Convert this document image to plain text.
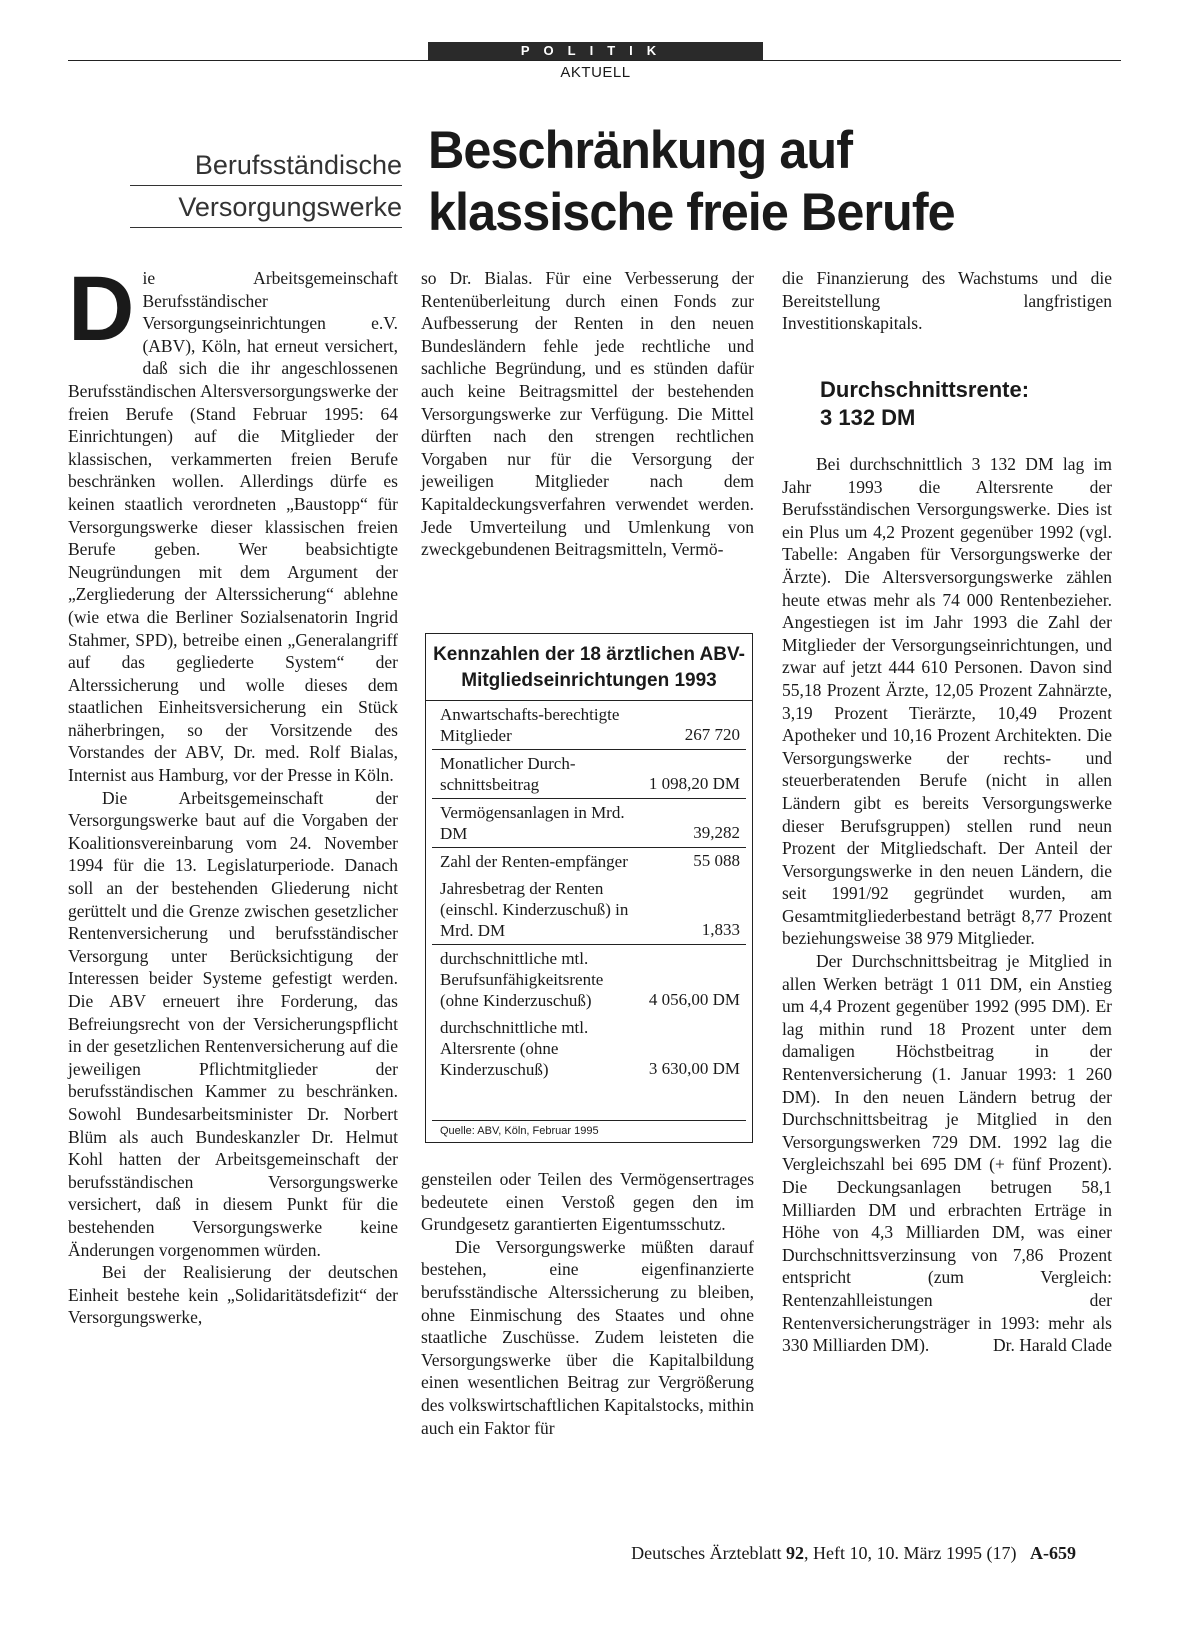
POLITIK
AKTUELL
Berufsständische
Versorgungswerke
Beschränkung auf
klassische freie Berufe

D ie Arbeitsgemeinschaft Berufsständischer Versorgungseinrichtungen e.V. (ABV), Köln, hat erneut versichert, daß sich die ihr angeschlossenen Berufsständischen Altersversorgungswerke der freien Berufe (Stand Februar 1995: 64 Einrichtungen) auf die Mitglieder der klassischen, verkammerten freien Berufe beschränken wollen. Allerdings dürfe es keinen staatlich verordneten „Baustopp“ für Versorgungswerke dieser klassischen freien Berufe geben. Wer beabsichtigte Neugründungen mit dem Argument der „Zergliederung der Alterssicherung“ ablehne (wie etwa die Berliner Sozialsenatorin Ingrid Stahmer, SPD), betreibe einen „Generalangriff auf das gegliederte System“ der Alterssicherung und wolle dieses dem staatlichen Einheitsversicherung ein Stück näherbringen, so der Vorsitzende des Vorstandes der ABV, Dr. med. Rolf Bialas, Internist aus Hamburg, vor der Presse in Köln.

Die Arbeitsgemeinschaft der Versorgungswerke baut auf die Vorgaben der Koalitionsvereinbarung vom 24. November 1994 für die 13. Legislaturperiode. Danach soll an der bestehenden Gliederung nicht gerüttelt und die Grenze zwischen gesetzlicher Rentenversicherung und berufsständischer Versorgung unter Berücksichtigung der Interessen beider Systeme gefestigt werden. Die ABV erneuert ihre Forderung, das Befreiungsrecht von der Versicherungspflicht in der gesetzlichen Rentenversicherung auf die jeweiligen Pflichtmitglieder der berufsständischen Kammer zu beschränken. Sowohl Bundesarbeitsminister Dr. Norbert Blüm als auch Bundeskanzler Dr. Helmut Kohl hatten der Arbeitsgemeinschaft der berufsständischen Versorgungswerke versichert, daß in diesem Punkt für die bestehenden Versorgungswerke keine Änderungen vorgenommen würden.

Bei der Realisierung der deutschen Einheit bestehe kein „Solidaritätsdefizit“ der Versorgungswerke,

so Dr. Bialas. Für eine Verbesserung der Rentenüberleitung durch einen Fonds zur Aufbesserung der Renten in den neuen Bundesländern fehle jede rechtliche und sachliche Begründung, und es stünden dafür auch keine Beitragsmittel der bestehenden Versorgungswerke zur Verfügung. Die Mittel dürften nach den strengen rechtlichen Vorgaben nur für die Versorgung der jeweiligen Mitglieder nach dem Kapitaldeckungsverfahren verwendet werden. Jede Umverteilung und Umlenkung von zweckgebundenen Beitragsmitteln, Vermö-

Kennzahlen der 18 ärztlichen ABV-Mitgliedseinrichtungen 1993
Anwartschafts-berechtigte Mitglieder	267 720
Monatlicher Durch-schnittsbeitrag	1 098,20 DM
Vermögensanlagen in Mrd. DM	39,282
Zahl der Renten-empfänger	55 088
Jahresbetrag der Renten (einschl. Kinderzuschuß) in Mrd. DM	1,833
durchschnittliche mtl. Berufsunfähigkeitsrente (ohne Kinderzuschuß)	4 056,00 DM
durchschnittliche mtl. Altersrente (ohne Kinderzuschuß)	3 630,00 DM
Quelle: ABV, Köln, Februar 1995

gensteilen oder Teilen des Vermögensertrages bedeutete einen Verstoß gegen den im Grundgesetz garantierten Eigentumsschutz.

Die Versorgungswerke müßten darauf bestehen, eine eigenfinanzierte berufsständische Alterssicherung zu bleiben, ohne Einmischung des Staates und ohne staatliche Zuschüsse. Zudem leisteten die Versorgungswerke über die Kapitalbildung einen wesentlichen Beitrag zur Vergrößerung des volkswirtschaftlichen Kapitalstocks, mithin auch ein Faktor für

die Finanzierung des Wachstums und die Bereitstellung langfristigen Investitionskapitals.

Durchschnittsrente:
3 132 DM

Bei durchschnittlich 3 132 DM lag im Jahr 1993 die Altersrente der Berufsständischen Versorgungswerke. Dies ist ein Plus um 4,2 Prozent gegenüber 1992 (vgl. Tabelle: Angaben für Versorgungswerke der Ärzte). Die Altersversorgungswerke zählen heute etwas mehr als 74 000 Rentenbezieher. Angestiegen ist im Jahr 1993 die Zahl der Mitglieder der Versorgungseinrichtungen, und zwar auf jetzt 444 610 Personen. Davon sind 55,18 Prozent Ärzte, 12,05 Prozent Zahnärzte, 3,19 Prozent Tierärzte, 10,49 Prozent Apotheker und 10,16 Prozent Architekten. Die Versorgungswerke der rechts- und steuerberatenden Berufe (nicht in allen Ländern gibt es bereits Versorgungswerke dieser Berufsgruppen) stellen rund neun Prozent der Mitgliedschaft. Der Anteil der Versorgungswerke in den neuen Ländern, die seit 1991/92 gegründet wurden, am Gesamtmitgliederbestand beträgt 8,77 Prozent beziehungsweise 38 979 Mitglieder.

Der Durchschnittsbeitrag je Mitglied in allen Werken beträgt 1 011 DM, ein Anstieg um 4,4 Prozent gegenüber 1992 (995 DM). Er lag mithin rund 18 Prozent unter dem damaligen Höchstbeitrag in der Rentenversicherung (1. Januar 1993: 1 260 DM). In den neuen Ländern betrug der Durchschnittsbeitrag je Mitglied in den Versorgungswerken 729 DM. 1992 lag die Vergleichszahl bei 695 DM (+ fünf Prozent). Die Deckungsanlagen betrugen 58,1 Milliarden DM und erbrachten Erträge in Höhe von 4,3 Milliarden DM, was einer Durchschnittsverzinsung von 7,86 Prozent entspricht (zum Vergleich: Rentenzahlleistungen der Rentenversicherungsträger in 1993: mehr als 330 Milliarden DM).	Dr. Harald Clade

Deutsches Ärzteblatt 92, Heft 10, 10. März 1995 (17) A-659
